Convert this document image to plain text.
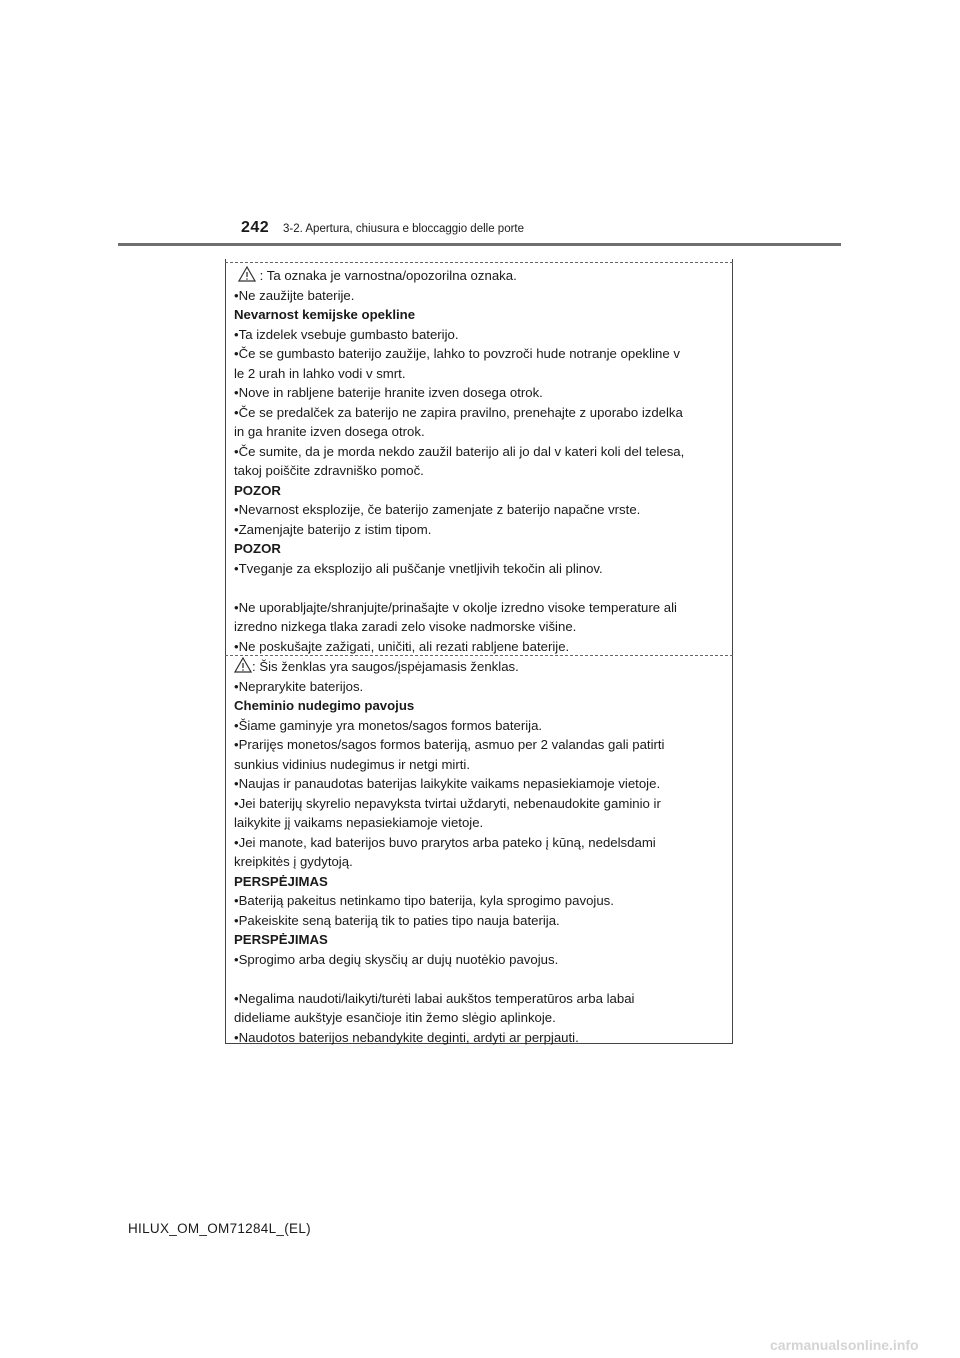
242 3-2. Apertura, chiusura e bloccaggio delle porte
: Ta oznaka je varnostna/opozorilna oznaka.
•Ne zaužijte baterije.
Nevarnost kemijske opekline
•Ta izdelek vsebuje gumbasto baterijo.
•Če se gumbasto baterijo zaužije, lahko to povzroči hude notranje opekline v
le 2 urah in lahko vodi v smrt.
•Nove in rabljene baterije hranite izven dosega otrok.
•Če se predalček za baterijo ne zapira pravilno, prenehajte z uporabo izdelka
in ga hranite izven dosega otrok.
•Če sumite, da je morda nekdo zaužil baterijo ali jo dal v kateri koli del telesa,
takoj poiščite zdravniško pomoč.
POZOR
•Nevarnost eksplozije, če baterijo zamenjate z baterijo napačne vrste.
•Zamenjajte baterijo z istim tipom.
POZOR
•Tveganje za eksplozijo ali puščanje vnetljivih tekočin ali plinov.
•Ne uporabljajte/shranjujte/prinašajte v okolje izredno visoke temperature ali
izredno nizkega tlaka zaradi zelo visoke nadmorske višine.
•Ne poskušajte zažigati, uničiti, ali rezati rabljene baterije.
: Šis ženklas yra saugos/įspėjamasis ženklas.
•Neprarykite baterijos.
Cheminio nudegimo pavojus
•Šiame gaminyje yra monetos/sagos formos baterija.
•Prarijęs monetos/sagos formos bateriją, asmuo per 2 valandas gali patirti
sunkius vidinius nudegimus ir netgi mirti.
•Naujas ir panaudotas baterijas laikykite vaikams nepasiekiamoje vietoje.
•Jei baterijų skyrelio nepavyksta tvirtai uždaryti, nebenaudokite gaminio ir
laikykite jį vaikams nepasiekiamoje vietoje.
•Jei manote, kad baterijos buvo prarytos arba pateko į kūną, nedelsdami
kreipkitės į gydytoją.
PERSPĖJIMAS
•Bateriją pakeitus netinkamo tipo baterija, kyla sprogimo pavojus.
•Pakeiskite seną bateriją tik to paties tipo nauja baterija.
PERSPĖJIMAS
•Sprogimo arba degių skysčių ar dujų nuotėkio pavojus.
•Negalima naudoti/laikyti/turėti labai aukštos temperatūros arba labai
dideliame aukštyje esančioje itin žemo slėgio aplinkoje.
•Naudotos baterijos nebandykite deginti, ardyti ar perpjauti.
HILUX_OM_OM71284L_(EL)
carmanualsonline.info
